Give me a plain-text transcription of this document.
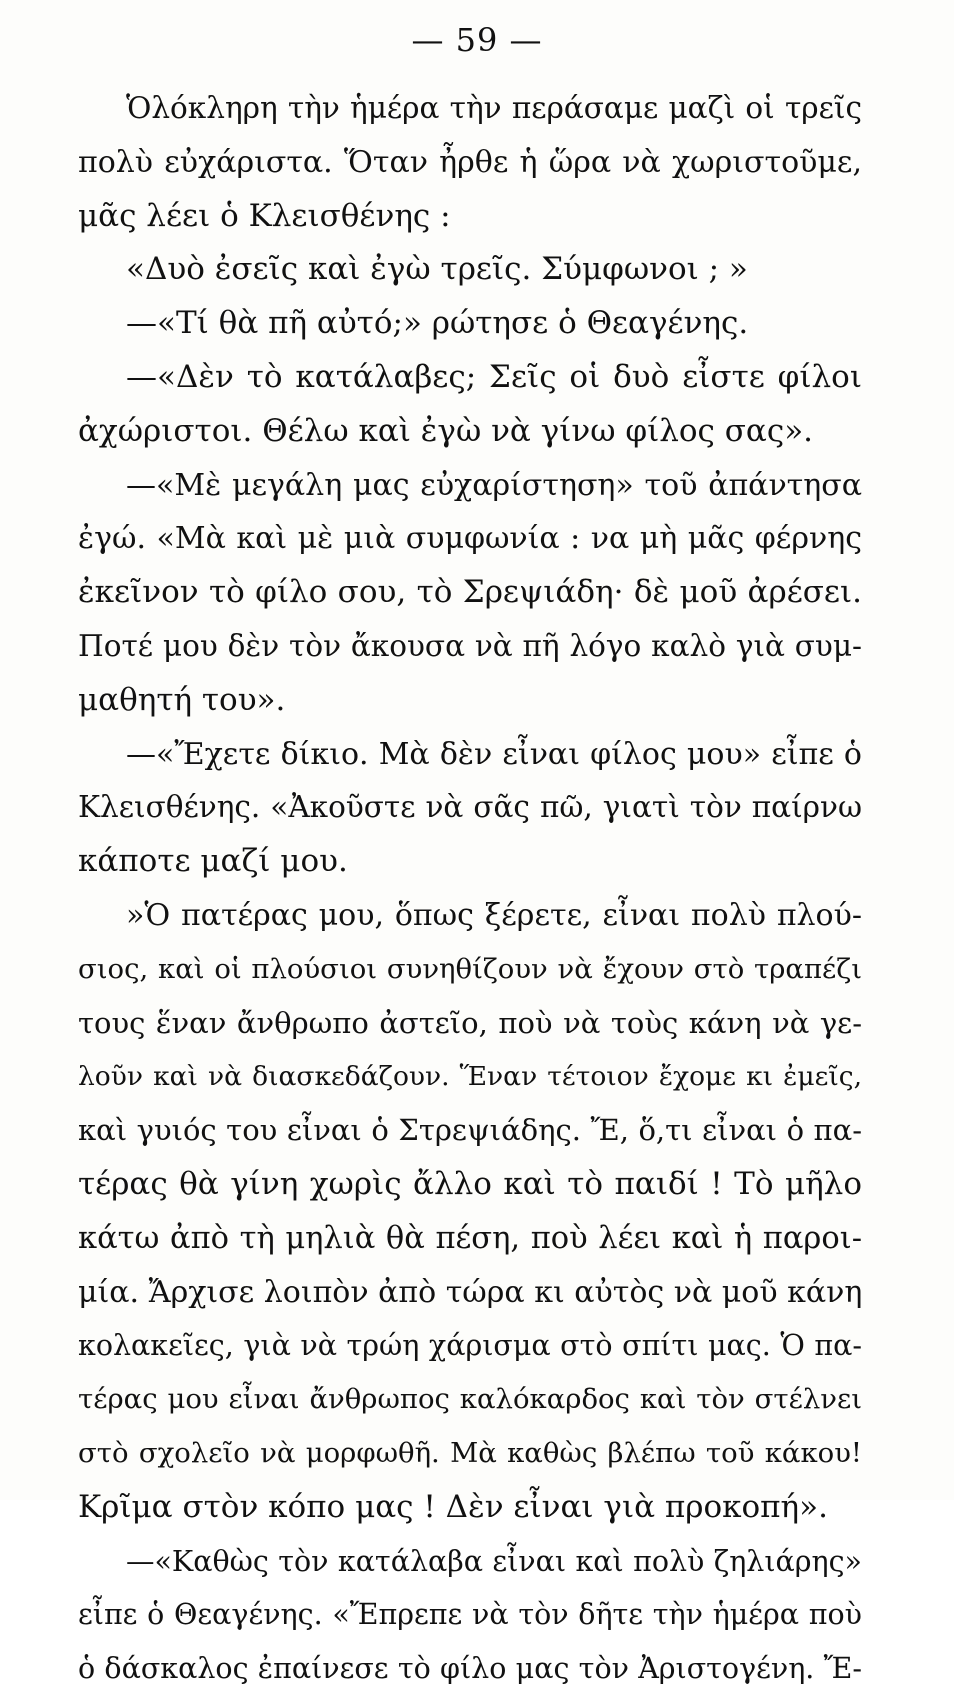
— 59 —
Ὁλόκληρη τὴν ἡμέρα τὴν περάσαμε μαζὶ οἱ τρεῖς
πολὺ εὐχάριστα. Ὅταν ἦρθε ἡ ὥρα νὰ χωριστοῦμε,
μᾶς λέει ὁ Κλεισθένης :
«Δυὸ ἐσεῖς καὶ ἐγὼ τρεῖς. Σύμφωνοι ; »
—«Τί θὰ πῆ αὐτό;» ρώτησε ὁ Θεαγένης.
—«Δὲν τὸ κατάλαβες; Σεῖς οἱ δυὸ εἶστε φίλοι
ἀχώριστοι. Θέλω καὶ ἐγὼ νὰ γίνω φίλος σας».
—«Μὲ μεγάλη μας εὐχαρίστηση» τοῦ ἀπάντησα
ἐγώ. «Μὰ καὶ μὲ μιὰ συμφωνία : να μὴ μᾶς φέρνης
ἐκεῖνον τὸ φίλο σου, τὸ Σρεψιάδη· δὲ μοῦ ἀρέσει.
Ποτέ μου δὲν τὸν ἄκουσα νὰ πῆ λόγο καλὸ γιὰ συμ-
μαθητή του».
—«Ἔχετε δίκιο. Μὰ δὲν εἶναι φίλος μου» εἶπε ὁ
Κλεισθένης. «Ἀκοῦστε νὰ σᾶς πῶ, γιατὶ τὸν παίρνω
κάποτε μαζί μου.
»Ὁ πατέρας μου, ὅπως ξέρετε, εἶναι πολὺ πλού-
σιος, καὶ οἱ πλούσιοι συνηθίζουν νὰ ἔχουν στὸ τραπέζι
τους ἕναν ἄνθρωπο ἀστεῖο, ποὺ νὰ τοὺς κάνη νὰ γε-
λοῦν καὶ νὰ διασκεδάζουν. Ἕναν τέτοιον ἔχομε κι ἐμεῖς,
καὶ γυιός του εἶναι ὁ Στρεψιάδης. Ἔ, ὅ,τι εἶναι ὁ πα-
τέρας θὰ γίνη χωρὶς ἄλλο καὶ τὸ παιδί ! Τὸ μῆλο
κάτω ἀπὸ τὴ μηλιὰ θὰ πέση, ποὺ λέει καὶ ἡ παροι-
μία. Ἄρχισε λοιπὸν ἀπὸ τώρα κι αὐτὸς νὰ μοῦ κάνη
κολακεῖες, γιὰ νὰ τρώη χάρισμα στὸ σπίτι μας. Ὁ πα-
τέρας μου εἶναι ἄνθρωπος καλόκαρδος καὶ τὸν στέλνει
στὸ σχολεῖο νὰ μορφωθῆ. Μὰ καθὼς βλέπω τοῦ κάκου!
Κρῖμα στὸν κόπο μας ! Δὲν εἶναι γιὰ προκοπή».
—«Καθὼς τὸν κατάλαβα εἶναι καὶ πολὺ ζηλιάρης»
εἶπε ὁ Θεαγένης. «Ἔπρεπε νὰ τὸν δῆτε τὴν ἡμέρα ποὺ
ὁ δάσκαλος ἐπαίνεσε τὸ φίλο μας τὸν Ἀριστογένη. Ἔ-
